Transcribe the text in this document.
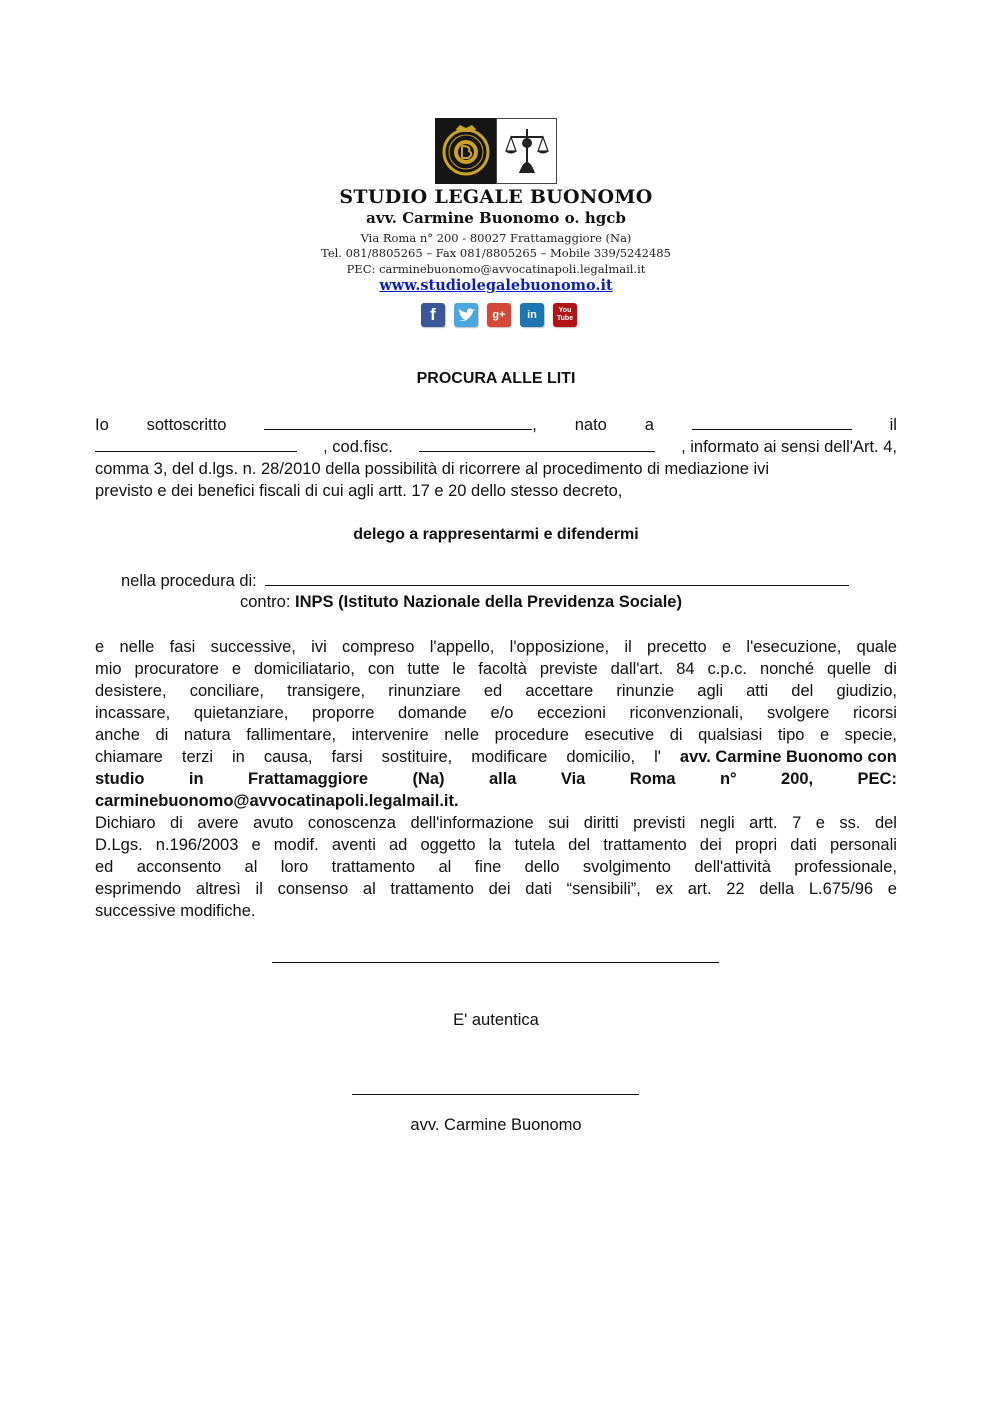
STUDIO LEGALE BUONOMO
avv. Carmine Buonomo o. hgcb
Via Roma n° 200 - 80027 Frattamaggiore (Na)
Tel. 081/8805265 – Fax 081/8805265 – Mobile 339/5242485
PEC: carminebuonomo@avvocatinapoli.legalmail.it
www.studiolegalebuonomo.it
f	g+	in	You
Tube
PROCURA ALLE LITI
Io sottoscritto	, nato a	il
, cod.fisc.	, informato ai sensi dell'Art. 4,
comma 3, del d.lgs. n. 28/2010 della possibilità di ricorrere al procedimento di mediazione ivi
previsto e dei benefici fiscali di cui agli artt. 17 e 20 dello stesso decreto,
delego a rappresentarmi e difendermi
nella procedura di:
contro: INPS (Istituto Nazionale della Previdenza Sociale)
e nelle fasi successive, ivi compreso l'appello, l'opposizione, il precetto e l'esecuzione, quale
mio procuratore e domiciliatario, con tutte le facoltà previste dall'art. 84 c.p.c. nonché quelle di
desistere, conciliare, transigere, rinunziare ed accettare rinunzie agli atti del giudizio,
incassare, quietanziare, proporre domande e/o eccezioni riconvenzionali, svolgere ricorsi
anche di natura fallimentare, intervenire nelle procedure esecutive di qualsiasi tipo e specie,
chiamare terzi in causa, farsi sostituire, modificare domicilio, l' avv. Carmine Buonomo con
studio	in	Frattamaggiore	(Na)	alla	Via	Roma	n°	200,	PEC:
carminebuonomo@avvocatinapoli.legalmail.it.
Dichiaro di avere avuto conoscenza dell'informazione sui diritti previsti negli artt. 7 e ss. del
D.Lgs. n.196/2003 e modif. aventi ad oggetto la tutela del trattamento dei propri dati personali
ed acconsento al loro trattamento al fine dello svolgimento dell'attività professionale,
esprimendo altresì il consenso al trattamento dei dati “sensibili”, ex art. 22 della L.675/96 e
successive modifiche.
E' autentica
avv. Carmine Buonomo
